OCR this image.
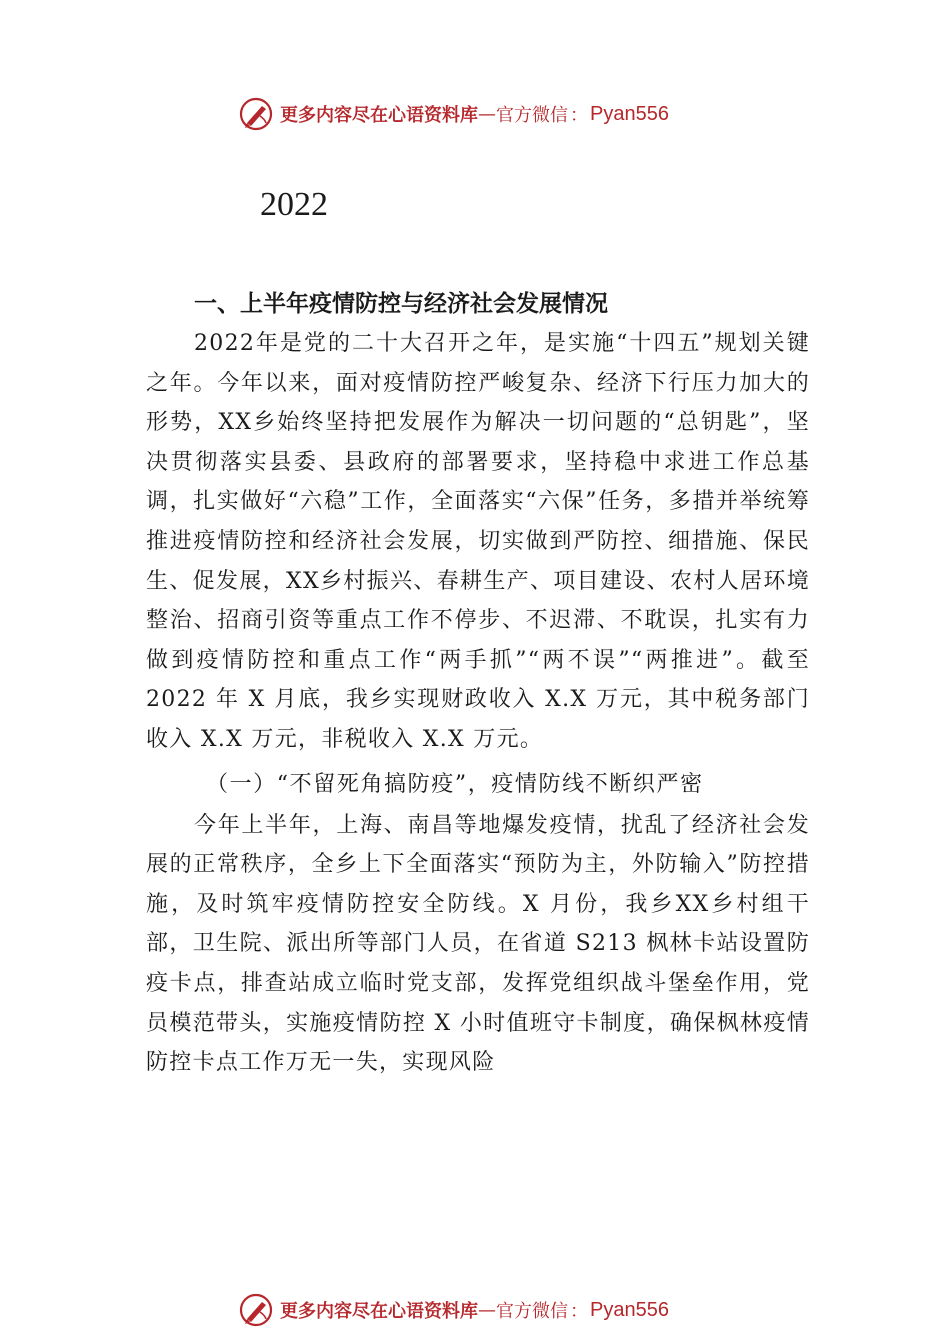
更多内容尽在心语资料库 — 官方微信 ： Pyan556
2022
一、上半年疫情防控与经济社会发展情况

2022年是党的二十大召开之年，是实施“十四五”规划关键之年。今年以来，面对疫情防控严峻复杂、经济下行压力加大的形势，XX乡始终坚持把发展作为解决一切问题的“总钥匙”，坚决贯彻落实县委、县政府的部署要求，坚持稳中求进工作总基调，扎实做好“六稳”工作，全面落实“六保”任务，多措并举统筹推进疫情防控和经济社会发展，切实做到严防控、细措施、保民生、促发展，XX乡村振兴、春耕生产、项目建设、农村人居环境整治、招商引资等重点工作不停步、不迟滞、不耽误，扎实有力做到疫情防控和重点工作“两手抓”“两不误”“两推进”。截至 2022 年 X 月底，我乡实现财政收入 X.X 万元，其中税务部门收入 X.X 万元，非税收入 X.X 万元。

（一）“不留死角搞防疫”，疫情防线不断织严密

今年上半年，上海、南昌等地爆发疫情，扰乱了经济社会发展的正常秩序，全乡上下全面落实“预防为主，外防输入”防控措施，及时筑牢疫情防控安全防线。X 月份，我乡XX乡村组干部，卫生院、派出所等部门人员，在省道 S213 枫林卡站设置防疫卡点，排查站成立临时党支部，发挥党组织战斗堡垒作用，党员模范带头，实施疫情防控 X 小时值班守卡制度，确保枫林疫情防控卡点工作万无一失，实现风险

更多内容尽在心语资料库 — 官方微信 ： Pyan556
